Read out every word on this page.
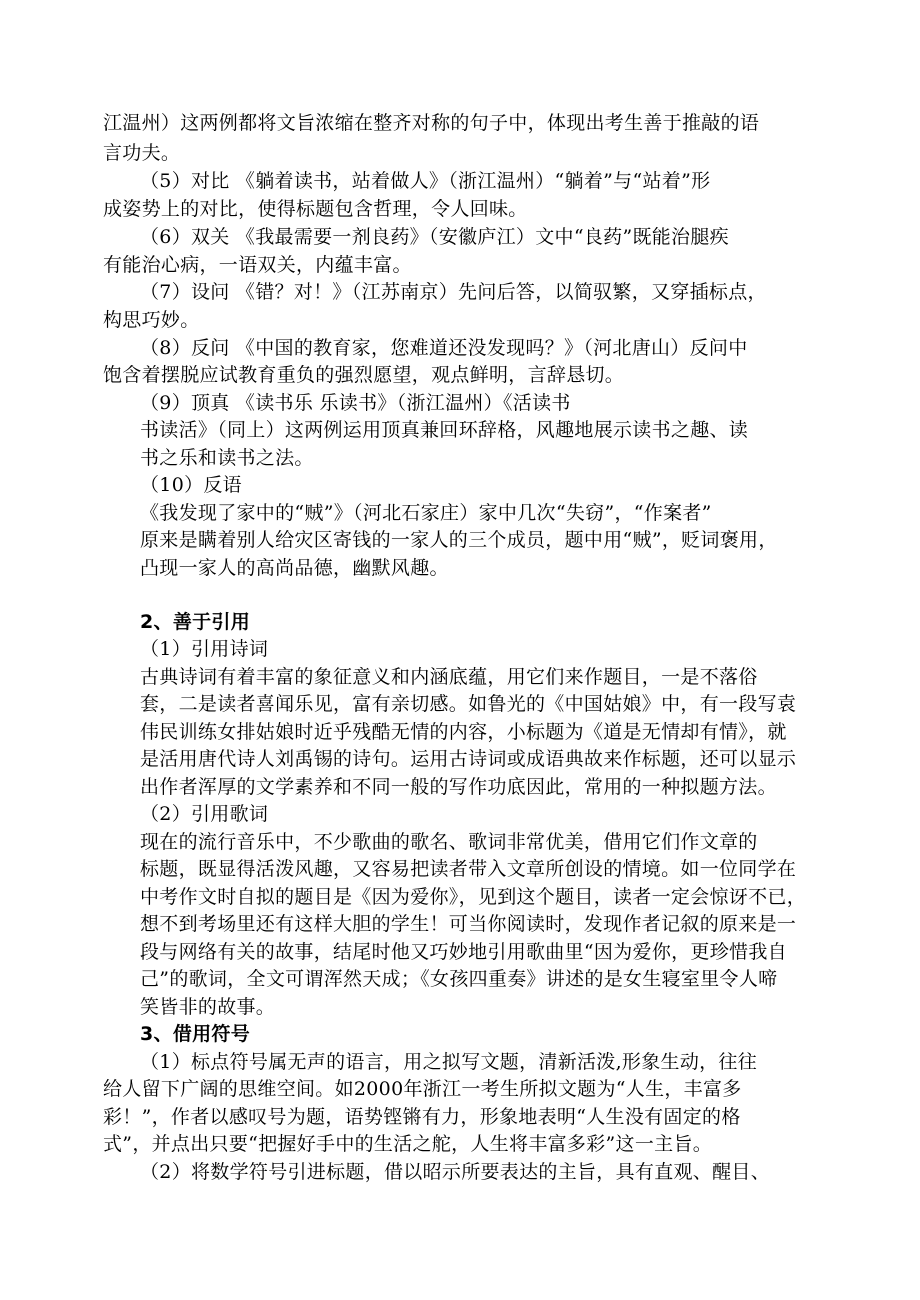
江温州）这两例都将文旨浓缩在整齐对称的句子中，体现出考生善于推敲的语
言功夫。
（5）对比 《躺着读书，站着做人》（浙江温州）“躺着”与“站着”形
成姿势上的对比，使得标题包含哲理，令人回味。
（6）双关 《我最需要一剂良药》（安徽庐江）文中“良药”既能治腿疾
有能治心病，一语双关，内蕴丰富。
（7）设问 《错？对！》（江苏南京）先问后答，以简驭繁，又穿插标点，
构思巧妙。
（8）反问 《中国的教育家，您难道还没发现吗？》（河北唐山）反问中
饱含着摆脱应试教育重负的强烈愿望，观点鲜明，言辞恳切。
（9）顶真 《读书乐 乐读书》（浙江温州）《活读书
书读活》（同上）这两例运用顶真兼回环辞格，风趣地展示读书之趣、读
书之乐和读书之法。
（10）反语
《我发现了家中的“贼”》（河北石家庄）家中几次“失窃”，“作案者”
原来是瞒着别人给灾区寄钱的一家人的三个成员，题中用“贼”，贬词褒用，
凸现一家人的高尚品德，幽默风趣。
2、善于引用
（1）引用诗词
古典诗词有着丰富的象征意义和内涵底蕴，用它们来作题目，一是不落俗
套，二是读者喜闻乐见，富有亲切感。如鲁光的《中国姑娘》中，有一段写袁
伟民训练女排姑娘时近乎残酷无情的内容，小标题为《道是无情却有情》，就
是活用唐代诗人刘禹锡的诗句。运用古诗词或成语典故来作标题，还可以显示
出作者浑厚的文学素养和不同一般的写作功底因此，常用的一种拟题方法。
（2）引用歌词
现在的流行音乐中，不少歌曲的歌名、歌词非常优美，借用它们作文章的
标题，既显得活泼风趣，又容易把读者带入文章所创设的情境。如一位同学在
中考作文时自拟的题目是《因为爱你》，见到这个题目，读者一定会惊讶不已，
想不到考场里还有这样大胆的学生！可当你阅读时，发现作者记叙的原来是一
段与网络有关的故事，结尾时他又巧妙地引用歌曲里“因为爱你，更珍惜我自
己”的歌词，全文可谓浑然天成；《女孩四重奏》讲述的是女生寝室里令人啼
笑皆非的故事。
3、借用符号
（1）标点符号属无声的语言，用之拟写文题，清新活泼,形象生动，往往
给人留下广阔的思维空间。如2000年浙江一考生所拟文题为“人生，丰富多
彩！”，作者以感叹号为题，语势铿锵有力，形象地表明“人生没有固定的格
式”，并点出只要“把握好手中的生活之舵，人生将丰富多彩”这一主旨。
（2）将数学符号引进标题，借以昭示所要表达的主旨，具有直观、醒目、
